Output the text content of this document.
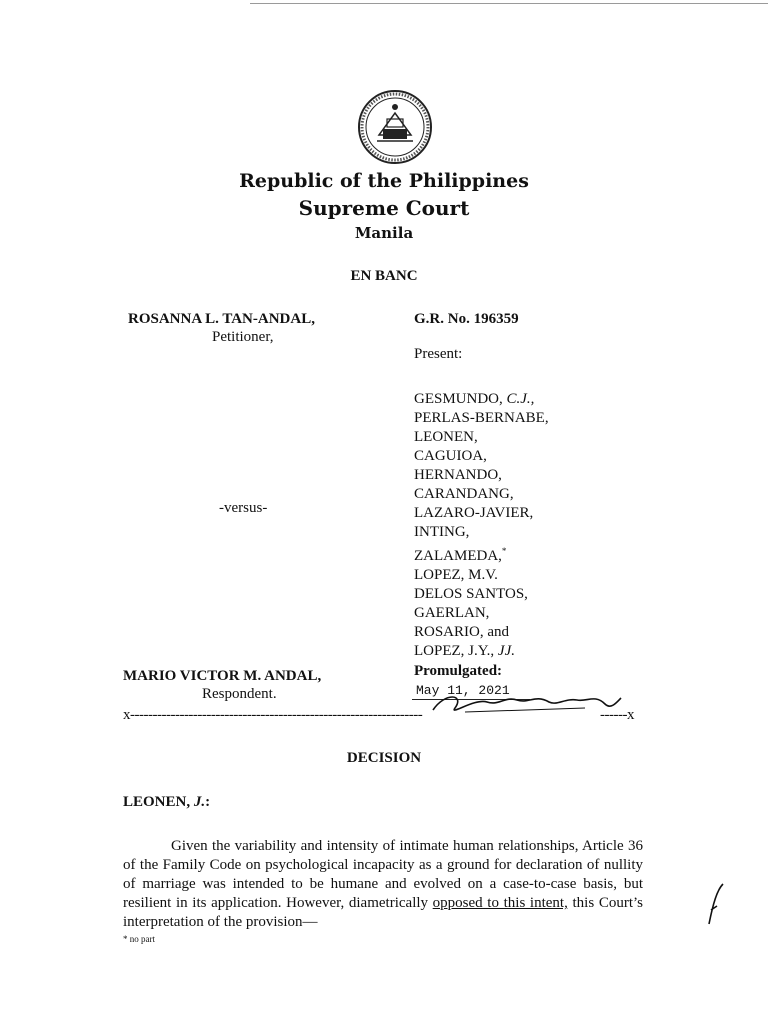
Republic of the Philippines
Supreme Court
Manila
EN BANC
ROSANNA L. TAN-ANDAL,
Petitioner,
G.R. No. 196359
Present:
GESMUNDO, C.J.,
PERLAS-BERNABE,
LEONEN,
CAGUIOA,
HERNANDO,
CARANDANG,
LAZARO-JAVIER,
INTING,
ZALAMEDA,*
LOPEZ, M.V.
DELOS SANTOS,
GAERLAN,
ROSARIO, and
LOPEZ, J.Y., JJ.
-versus-
MARIO VICTOR M. ANDAL,
Respondent.
Promulgated:
May 11, 2021
x-----------------------------------------------------------------	------x
DECISION
LEONEN, J.:

Given the variability and intensity of intimate human relationships, Article 36 of the Family Code on psychological incapacity as a ground for declaration of nullity of marriage was intended to be humane and evolved on a case-to-case basis, but resilient in its application. However, diametrically opposed to this intent, this Court’s interpretation of the provision—

* no part
